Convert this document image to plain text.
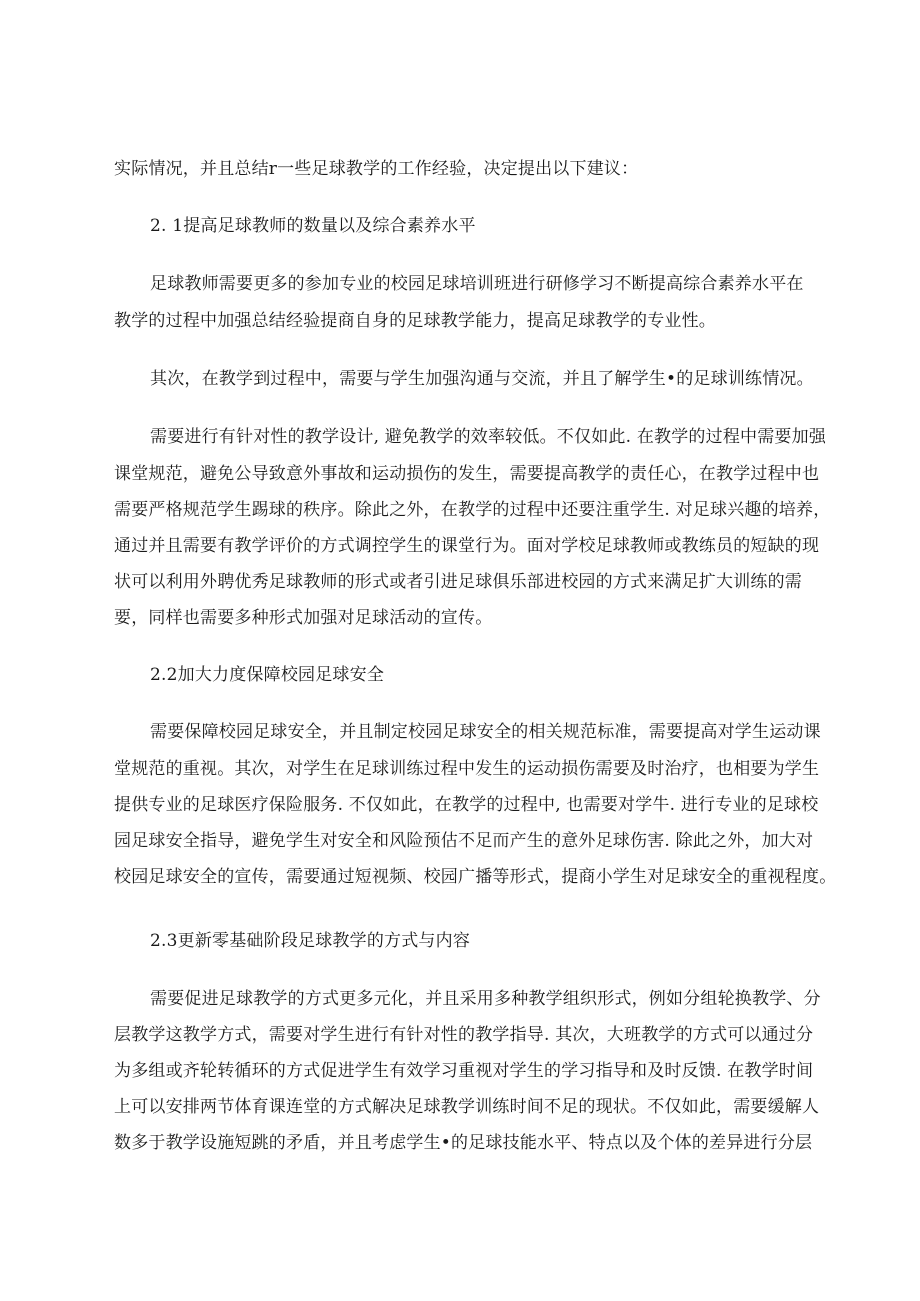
实际情况，并且总结r一些足球教学的工作经验，决定提出以下建议：
2. 1提高足球教师的数量以及综合素养水平
足球教师需要更多的参加专业的校园足球培训班进行研修学习不断提高综合素养水平在
教学的过程中加强总结经验提商自身的足球教学能力，提高足球教学的专业性。
其次，在教学到过程中，需要与学生加强沟通与交流，并且了解学生•的足球训练情况。
需要进行有针对性的教学设计, 避免教学的效率较低。不仅如此. 在教学的过程中需要加强
课堂规范，避免公导致意外事故和运动损伤的发生，需要提高教学的责任心，在教学过程中也
需要严格规范学生踢球的秩序。除此之外，在教学的过程中还要注重学生. 对足球兴趣的培养，
通过并且需要有教学评价的方式调控学生的课堂行为。面对学校足球教师或教练员的短缺的现
状可以利用外聘优秀足球教师的形式或者引进足球俱乐部进校园的方式来满足扩大训练的需
要，同样也需要多种形式加强对足球活动的宣传。
2.2加大力度保障校园足球安全
需要保障校园足球安全，并且制定校园足球安全的相关规范标准，需要提高对学生运动课
堂规范的重视。其次，对学生在足球训练过程中发生的运动损伤需要及时治疗，也相要为学生
提供专业的足球医疗保险服务. 不仅如此，在教学的过程中, 也需要对学牛. 进行专业的足球校
园足球安全指导，避免学生对安全和风险预估不足而产生的意外足球伤害. 除此之外，加大对
校园足球安全的宣传，需要通过短视频、校园广播等形式，提商小学生对足球安全的重视程度。
2.3更新零基础阶段足球教学的方式与内容
需要促进足球教学的方式更多元化，并且采用多种教学组织形式，例如分组轮换教学、分
层教学这教学方式，需要对学生进行有针对性的教学指导. 其次，大班教学的方式可以通过分
为多组或齐轮转循环的方式促进学生有效学习重视对学生的学习指导和及时反馈. 在教学时间
上可以安排两节体育课连堂的方式解决足球教学训练时间不足的现状。不仅如此，需要缓解人
数多于教学设施短跳的矛盾，并且考虑学生•的足球技能水平、特点以及个体的差异进行分层
